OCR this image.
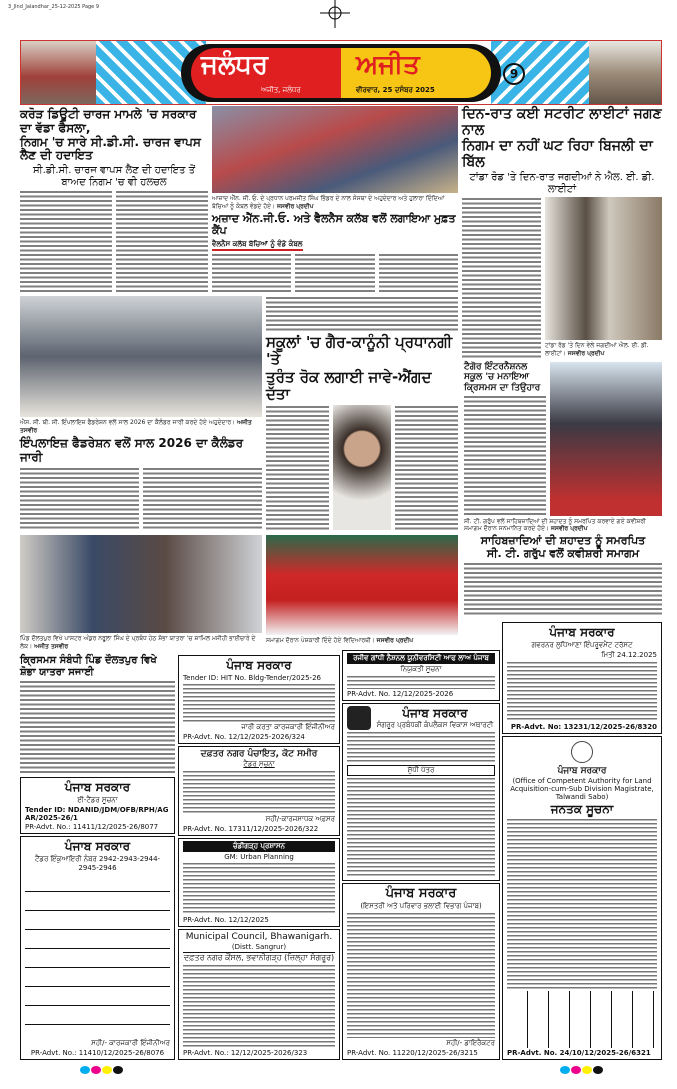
3_Jlnd_Jalandhar_25-12-2025 Page 9
ਜਲੰਧਰ	ਅਜੀਤ
ਅਜੀਤ, ਜਲੰਧਰ	ਵੀਰਵਾਰ, 25 ਦਸੰਬਰ 2025
9
ਕਰੋੜ ਡਿਊਟੀ ਚਾਰਜ ਮਾਮਲੇ 'ਚ ਸਰਕਾਰ ਦਾ ਵੱਡਾ ਫੈਸਲਾ,
ਨਿਗਮ 'ਚ ਸਾਰੇ ਸੀ.ਡੀ.ਸੀ. ਚਾਰਜ ਵਾਪਸ ਲੈਣ ਦੀ ਹਦਾਇਤ
ਸੀ.ਡੀ.ਸੀ. ਚਾਰਜ ਵਾਪਸ ਲੈਣ ਦੀ ਹਦਾਇਤ ਤੋਂ ਬਾਅਦ ਨਿਗਮ 'ਚ ਵੀ ਹਲਚਲ
ਆਜ਼ਾਦ ਐੱਨ. ਜੀ. ਓ. ਦੇ ਪ੍ਰਧਾਨ ਪਰਮਜੀਤ ਸਿੰਘ ਭਿੰਡਰ ਦੇ ਨਾਲ ਸੰਸਥਾ ਦੇ ਅਹੁਦੇਦਾਰ ਅਤੇ ਹੁਲਾਰਾ ਦਿੰਦਿਆਂ ਬੱਚਿਆਂ ਨੂੰ ਕੰਬਲ ਵੰਡਦੇ ਹੋਏ। ਜਸਵੀਰ ਪ੍ਰਦੀਪ
ਅਜ਼ਾਦ ਐੱਨ.ਜੀ.ਓ. ਅਤੇ ਵੈਲਨੈਸ ਕਲੱਬ ਵਲੋਂ ਲਗਾਇਆ ਮੁਫ਼ਤ ਕੈਂਪ
ਵੈਲਨੈਸ ਕਲੱਬ ਬੱਚਿਆਂ ਨੂੰ ਵੰਡੇ ਕੰਬਲ
ਦਿਨ-ਰਾਤ ਕਈ ਸਟਰੀਟ ਲਾਈਟਾਂ ਜਗਣ ਨਾਲ
ਨਿਗਮ ਦਾ ਨਹੀਂ ਘਟ ਰਿਹਾ ਬਿਜਲੀ ਦਾ ਬਿੱਲ
ਟਾਂਡਾ ਰੋਡ 'ਤੇ ਦਿਨ-ਰਾਤ ਜਗਦੀਆਂ ਨੇ ਐਲ. ਈ. ਡੀ. ਲਾਈਟਾਂ
ਟਾਂਡਾ ਰੋਡ 'ਤੇ ਦਿਨ ਵੇਲੇ ਜਗਦੀਆਂ ਐਲ. ਈ. ਡੀ. ਲਾਈਟਾਂ। ਜਸਵੀਰ ਪ੍ਰਦੀਪ
ਐਸ. ਸੀ. ਬੀ. ਸੀ. ਇੰਪਲਾਇਜ਼ ਫੈਡਰੇਸ਼ਨ ਵਲੋਂ ਸਾਲ 2026 ਦਾ ਕੈਲੰਡਰ ਜਾਰੀ ਕਰਦੇ ਹੋਏ ਅਹੁਦੇਦਾਰ। ਅਜੀਤ ਤਸਵੀਰ
ਇੰਪਲਾਇਜ਼ ਫੈਡਰੇਸ਼ਨ ਵਲੋਂ ਸਾਲ 2026 ਦਾ ਕੈਲੰਡਰ ਜਾਰੀ
ਸਕੂਲਾਂ 'ਚ ਗੈਰ-ਕਾਨੂੰਨੀ ਪ੍ਰਧਾਨਗੀ 'ਤੇ
ਤੁਰੰਤ ਰੋਕ ਲਗਾਈ ਜਾਵੇ-ਐਂਗਦ ਦੱਤਾ
ਟੈਗੋਰ ਇੰਟਰਨੈਸ਼ਨਲ ਸਕੂਲ 'ਚ ਮਨਾਇਆ ਕ੍ਰਿਸਮਸ ਦਾ ਤਿਉਹਾਰ
ਸੀ. ਟੀ. ਗਰੁੱਪ ਵਲੋਂ ਸਾਹਿਬਜ਼ਾਦਿਆਂ ਦੀ ਸ਼ਹਾਦਤ ਨੂੰ ਸਮਰਪਿਤ ਕਰਵਾਏ ਗਏ ਕਵੀਸ਼ਰੀ ਸਮਾਗਮ ਦੌਰਾਨ ਸਨਮਾਨਿਤ ਕਰਦੇ ਹੋਏ। ਜਸਵੀਰ ਪ੍ਰਦੀਪ
ਸਾਹਿਬਜ਼ਾਦਿਆਂ ਦੀ ਸ਼ਹਾਦਤ ਨੂੰ ਸਮਰਪਿਤ
ਸੀ. ਟੀ. ਗਰੁੱਪ ਵਲੋਂ ਕਵੀਸ਼ਰੀ ਸਮਾਗਮ
ਪਿੰਡ ਦੌਲਤਪੁਰ ਵਿਖੇ ਪਾਸਟਰ ਅੰਕੁਰ ਨਰੂਲਾ ਸਿੰਘ ਦੇ ਪ੍ਰਬੰਧ ਹੇਠ ਸ਼ੋਭਾ ਯਾਤਰਾ 'ਚ ਸ਼ਾਮਿਲ ਮਸੀਹੀ ਭਾਈਚਾਰੇ ਦੇ ਲੋਕ। ਅਜੀਤ ਤਸਵੀਰ
ਸਮਾਗਮ ਦੌਰਾਨ ਪੇਸ਼ਕਾਰੀ ਦਿੰਦੇ ਹੋਏ ਵਿਦਿਆਰਥੀ। ਜਸਵੀਰ ਪ੍ਰਦੀਪ
ਕ੍ਰਿਸਮਸ ਸੰਬੰਧੀ ਪਿੰਡ ਦੌਲਤਪੁਰ ਵਿਖੇ ਸ਼ੋਭਾ ਯਾਤਰਾ ਸਜਾਈ
ਪੰਜਾਬ ਸਰਕਾਰ
ਈ-ਟੈਂਡਰ ਸੂਚਨਾ
Tender ID: NDANID/JDM/OFB/RPH/AGAR/2025-26/1
PR-Advt. No.: 11411/12/2025-26/8077
ਪੰਜਾਬ ਸਰਕਾਰ
ਟੈਂਡਰ ਇੰਕੁਆਇਰੀ ਨੰਬਰ 2942-2943-2944-2945-2946
ਸਹੀ/- ਕਾਰਜਕਾਰੀ ਇੰਜੀਨੀਅਰ
PR-Advt. No.: 11410/12/2025-26/8076
ਪੰਜਾਬ ਸਰਕਾਰ
Tender ID: HIT No. Bldg-Tender/2025-26
ਜਾਰੀ ਕਰਤਾ ਕਾਰਜਕਾਰੀ ਇੰਜੀਨੀਅਰ
PR-Advt. No. 12/12/2025-2026/324
ਦਫ਼ਤਰ ਨਗਰ ਪੰਚਾਇਤ, ਕੋਟ ਸਮੀਰ
ਟੈਂਡਰ ਸੂਚਨਾ
ਸਹੀ/-ਕਾਰਜਸਾਧਕ ਅਫ਼ਸਰ
PR-Advt. No. 17311/12/2025-2026/322
ਚੰਡੀਗੜ੍ਹ ਪ੍ਰਸ਼ਾਸਨ
GM: Urban Planning
PR-Advt. No. 12/12/2025
Municipal Council, Bhawanigarh.
(Distt. Sangrur)
ਦਫ਼ਤਰ ਨਗਰ ਕੌਂਸਲ, ਭਵਾਨੀਗੜ੍ਹ (ਜ਼ਿਲ੍ਹਾ ਸੰਗਰੂਰ)
PR-Advt. No.: 12/12/2025-2026/323
ਰਜੀਵ ਗਾਂਧੀ ਨੈਸ਼ਨਲ ਯੂਨੀਵਰਸਿਟੀ ਆਫ ਲਾਅ ਪੰਜਾਬ
ਨਿਯੁਕਤੀ ਸੂਚਨਾ
PR-Advt. No. 12/12/2025-2026
ਪੰਜਾਬ ਸਰਕਾਰ
ਸੰਗਰੂਰ ਪ੍ਰਬੰਧਕੀ ਕੰਪਲੈਕਸ ਵਿਕਾਸ ਅਥਾਰਟੀ
ਸ਼ੁੱਧੀ ਪੱਤਰ
ਪੰਜਾਬ ਸਰਕਾਰ
(ਇਸਤਰੀ ਅਤੇ ਪਰਿਵਾਰ ਭਲਾਈ ਵਿਭਾਗ ਪੰਜਾਬ)
ਸਹੀ/- ਡਾਇਰੈਕਟਰ
PR-Advt. No. 11220/12/2025-26/3215
ਪੰਜਾਬ ਸਰਕਾਰ
ਗਵਰਨਰ ਲੁਧਿਆਣਾ ਇੰਪਰੂਵਮੈਂਟ ਟਰੱਸਟ
ਮਿਤੀ 24.12.2025
PR-Advt. No: 13231/12/2025-26/8320
ਪੰਜਾਬ ਸਰਕਾਰ
(Office of Competent Authority for Land Acquisition-cum-Sub Division Magistrate, Talwandi Sabo)
ਜਨਤਕ ਸੂਚਨਾ
PR-Advt. No. 24/10/12/2025-26/6321
